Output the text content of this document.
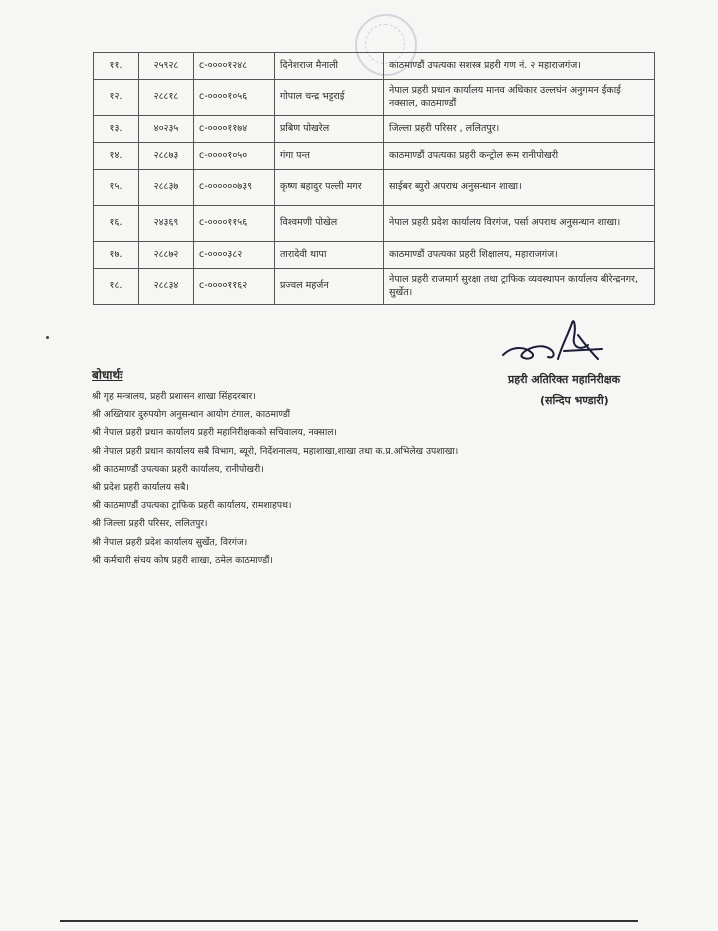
११.	२५९२८	c-००००१२४८	दिनेशराज मैनाली	काठमाण्डौं उपत्यका सशस्त्र प्रहरी गण नं. २ महाराजगंज।
१२.	२८८१८	c-००००१०५६	गोपाल चन्द्र भट्टराई	नेपाल प्रहरी प्रधान कार्यालय मानव अधिकार उल्लघंन अनुगमन ईकाई नक्साल, काठमाण्डौं
१३.	४०२३५	c-००००११७४	प्रबिण पोखरेल	जिल्ला प्रहरी परिसर , ललितपुर।
१४.	२८८७३	c-००००१०५०	गंगा पन्त	काठमाण्डौं उपत्यका प्रहरी कन्ट्रोल रूम रानीपोखरी
१५.	२८८३७	c-००००००७३९	कृष्ण बहादुर पल्ली मगर	साईबर ब्युरो अपराध अनुसन्धान शाखा।
१६.	२४३६९	c-००००११५६	विश्वमणी पोखेल	नेपाल प्रहरी प्रदेश कार्यालय विरगंज, पर्सा अपराध अनुसन्धान शाखा।
१७.	२८८७२	c-००००३८२	तारादेवी थापा	काठमाण्डौं उपत्यका प्रहरी शिक्षालय, महाराजगंज।
१८.	२८८३४	c-००००११६२	प्रज्वल महर्जन	नेपाल प्रहरी राजमार्ग सुरक्षा तथा ट्राफिक व्यवस्थापन कार्यालय बीरेन्द्रनगर, सुर्खेत।
प्रहरी अतिरिक्त महानिरीक्षक
(सन्दिप भण्डारी)
बोधार्थः
श्री गृह मन्त्रालय, प्रहरी प्रशासन शाखा सिंहदरबार।
श्री अख्तियार दुरुपयोग अनुसन्धान आयोग टंगाल, काठमाण्डौं
श्री नेपाल प्रहरी प्रधान कार्यालय प्रहरी महानिरीक्षकको सचिवालय, नक्साल।
श्री नेपाल प्रहरी प्रधान कार्यालय सबै विभाग, ब्यूरो, निर्देशनालय, महाशाखा,शाखा तथा क.प्र.अभिलेख उपशाखा।
श्री काठमाण्डौं उपत्यका प्रहरी कार्यालय, रानीपोखरी।
श्री प्रदेश प्रहरी कार्यालय सबै।
श्री काठमाण्डौं उपत्यका ट्राफिक प्रहरी कार्यालय, रामशाहपथ।
श्री जिल्ला प्रहरी परिसर, ललितपुर।
श्री नेपाल प्रहरी प्रदेश कार्यालय सुर्खेत, विरगंज।
श्री कर्मचारी संचय कोष प्रहरी शाखा, ठमेल काठमाण्डौं।
